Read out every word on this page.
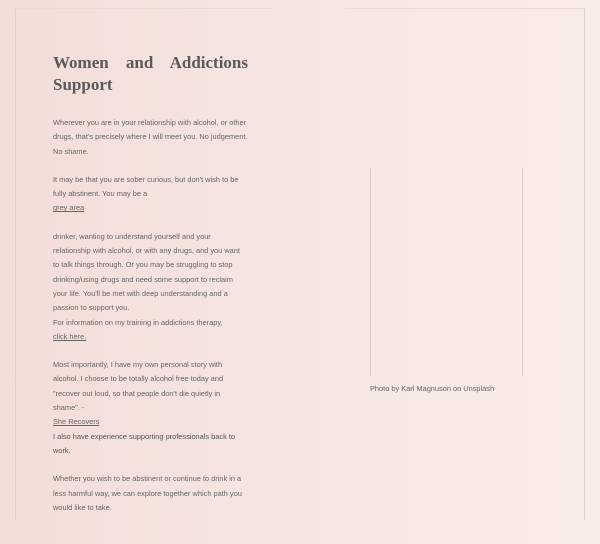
Women and Addictions Support

Wherever you are in your relationship with alcohol, or other drugs, that's precisely where I will meet you. No judgement. No shame.

It may be that you are sober curious, but don't wish to be fully abstinent. You may be a

grey area

drinker, wanting to understand yourself and your relationship with alcohol, or with any drugs, and you want to talk things through. Or you may be struggling to stop drinking/using drugs and need some support to reclaim your life. You'll be met with deep understanding and a passion to support you.

For information on my training in addictions therapy,

click here.

Most importantly, I have my own personal story with alcohol. I choose to be totally alcohol free today and "recover out loud, so that people don't die quietly in shame". -

She Recovers

I also have experience supporting professionals back to work.

Whether you wish to be abstinent or continue to drink in a less harmful way, we can explore together which path you would like to take.

Photo by Karl Magnuson on Unsplash
